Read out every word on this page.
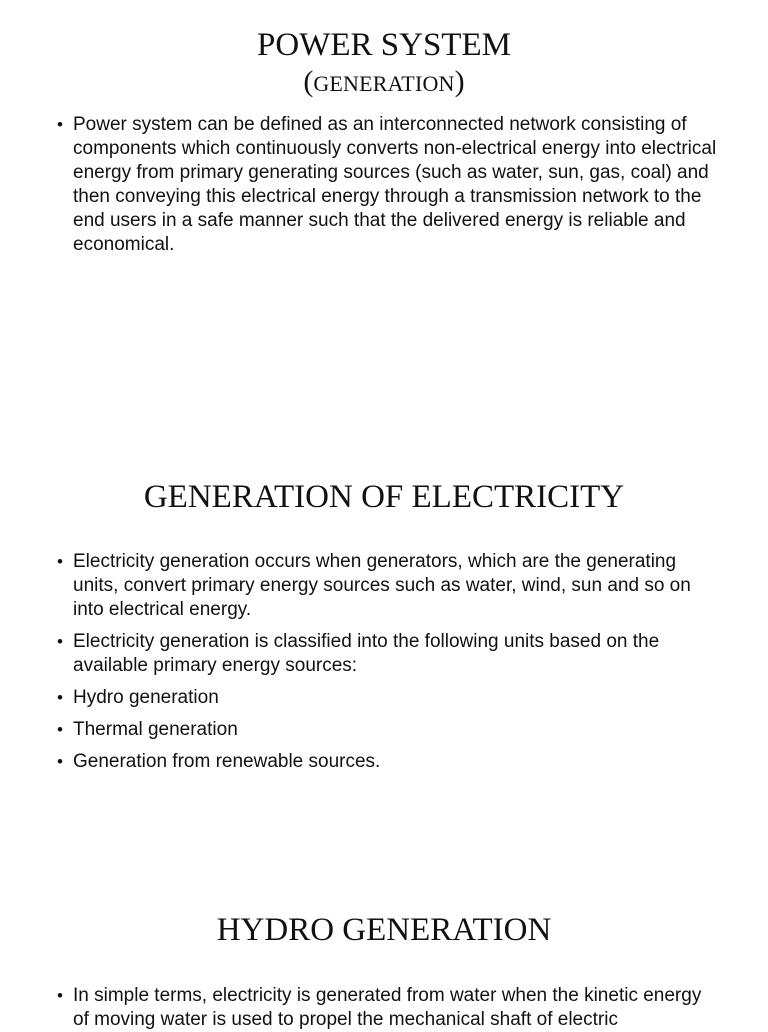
POWER SYSTEM

(GENERATION)

• Power system can be defined as an interconnected network consisting of components which continuously converts non-electrical energy into electrical energy from primary generating sources (such as water, sun, gas, coal) and then conveying this electrical energy through a transmission network to the end users in a safe manner such that the delivered energy is reliable and economical.
GENERATION OF ELECTRICITY
• Electricity generation occurs when generators, which are the generating units, convert primary energy sources such as water, wind, sun and so on into electrical energy.
• Electricity generation is classified into the following units based on the available primary energy sources:
• Hydro generation
• Thermal generation
• Generation from renewable sources.
HYDRO GENERATION
• In simple terms, electricity is generated from water when the kinetic energy of moving water is used to propel the mechanical shaft of electric
